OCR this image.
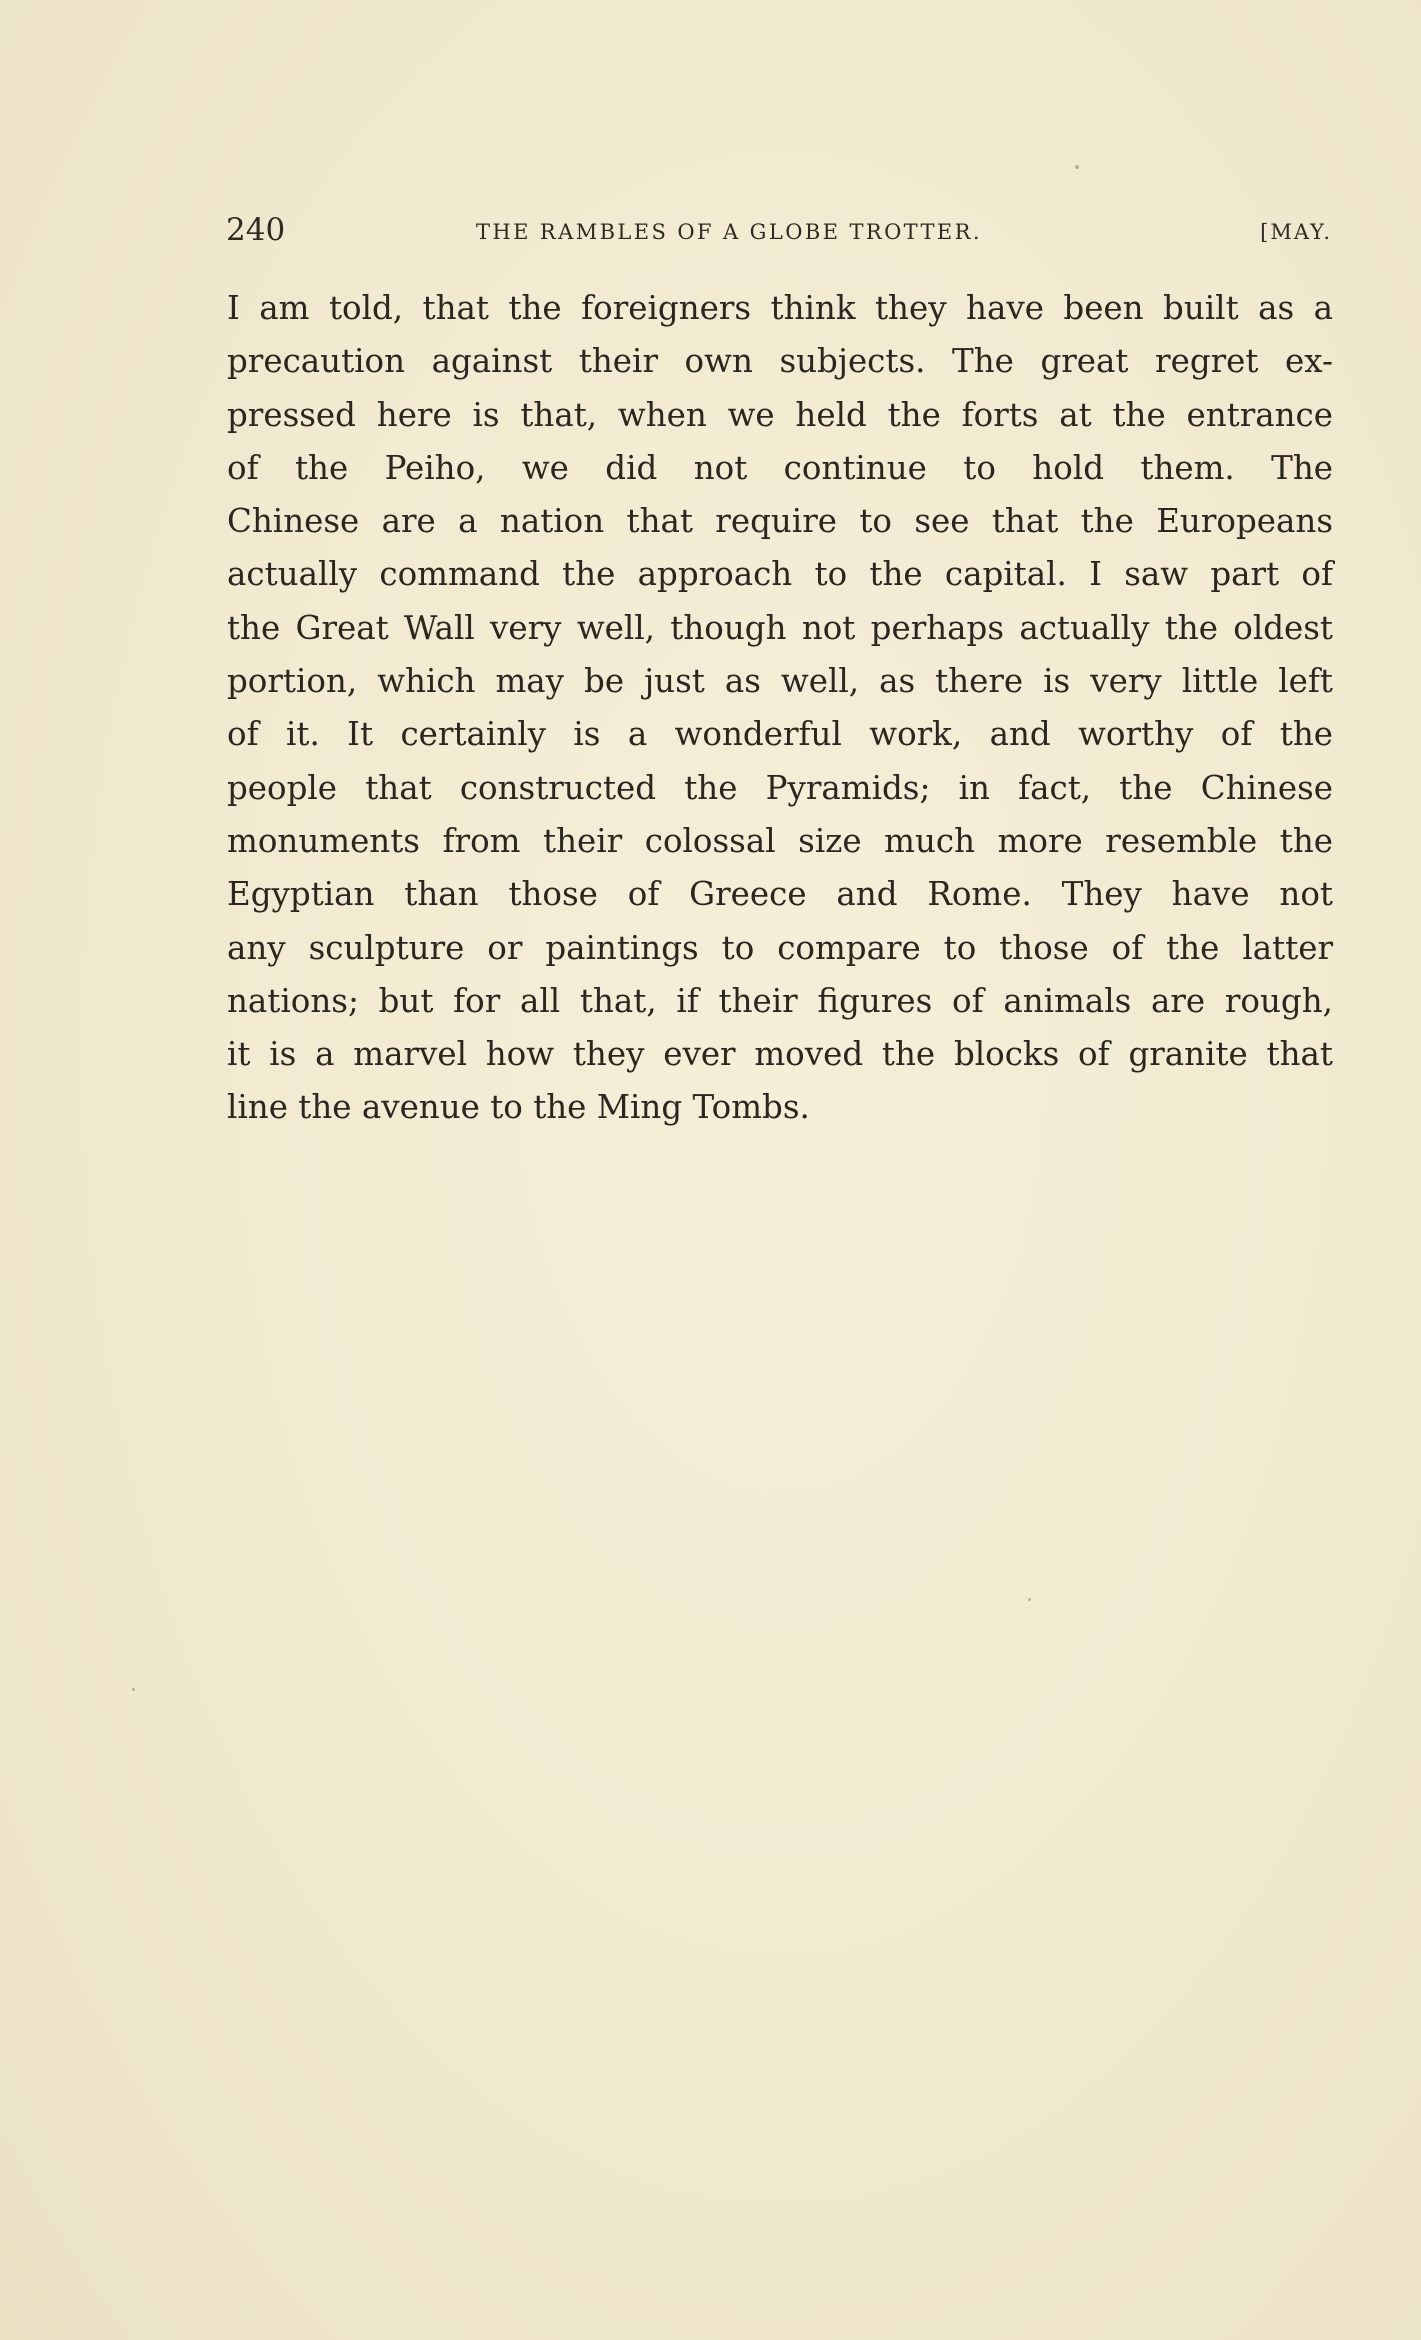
240	THE RAMBLES OF A GLOBE TROTTER.	[MAY.
I am told, that the foreigners think they have been built as a
precaution against their own subjects. The great regret ex-
pressed here is that, when we held the forts at the entrance
of the Peiho, we did not continue to hold them. The
Chinese are a nation that require to see that the Europeans
actually command the approach to the capital. I saw part of
the Great Wall very well, though not perhaps actually the oldest
portion, which may be just as well, as there is very little left
of it. It certainly is a wonderful work, and worthy of the
people that constructed the Pyramids; in fact, the Chinese
monuments from their colossal size much more resemble the
Egyptian than those of Greece and Rome. They have not
any sculpture or paintings to compare to those of the latter
nations; but for all that, if their figures of animals are rough,
it is a marvel how they ever moved the blocks of granite that
line the avenue to the Ming Tombs.
